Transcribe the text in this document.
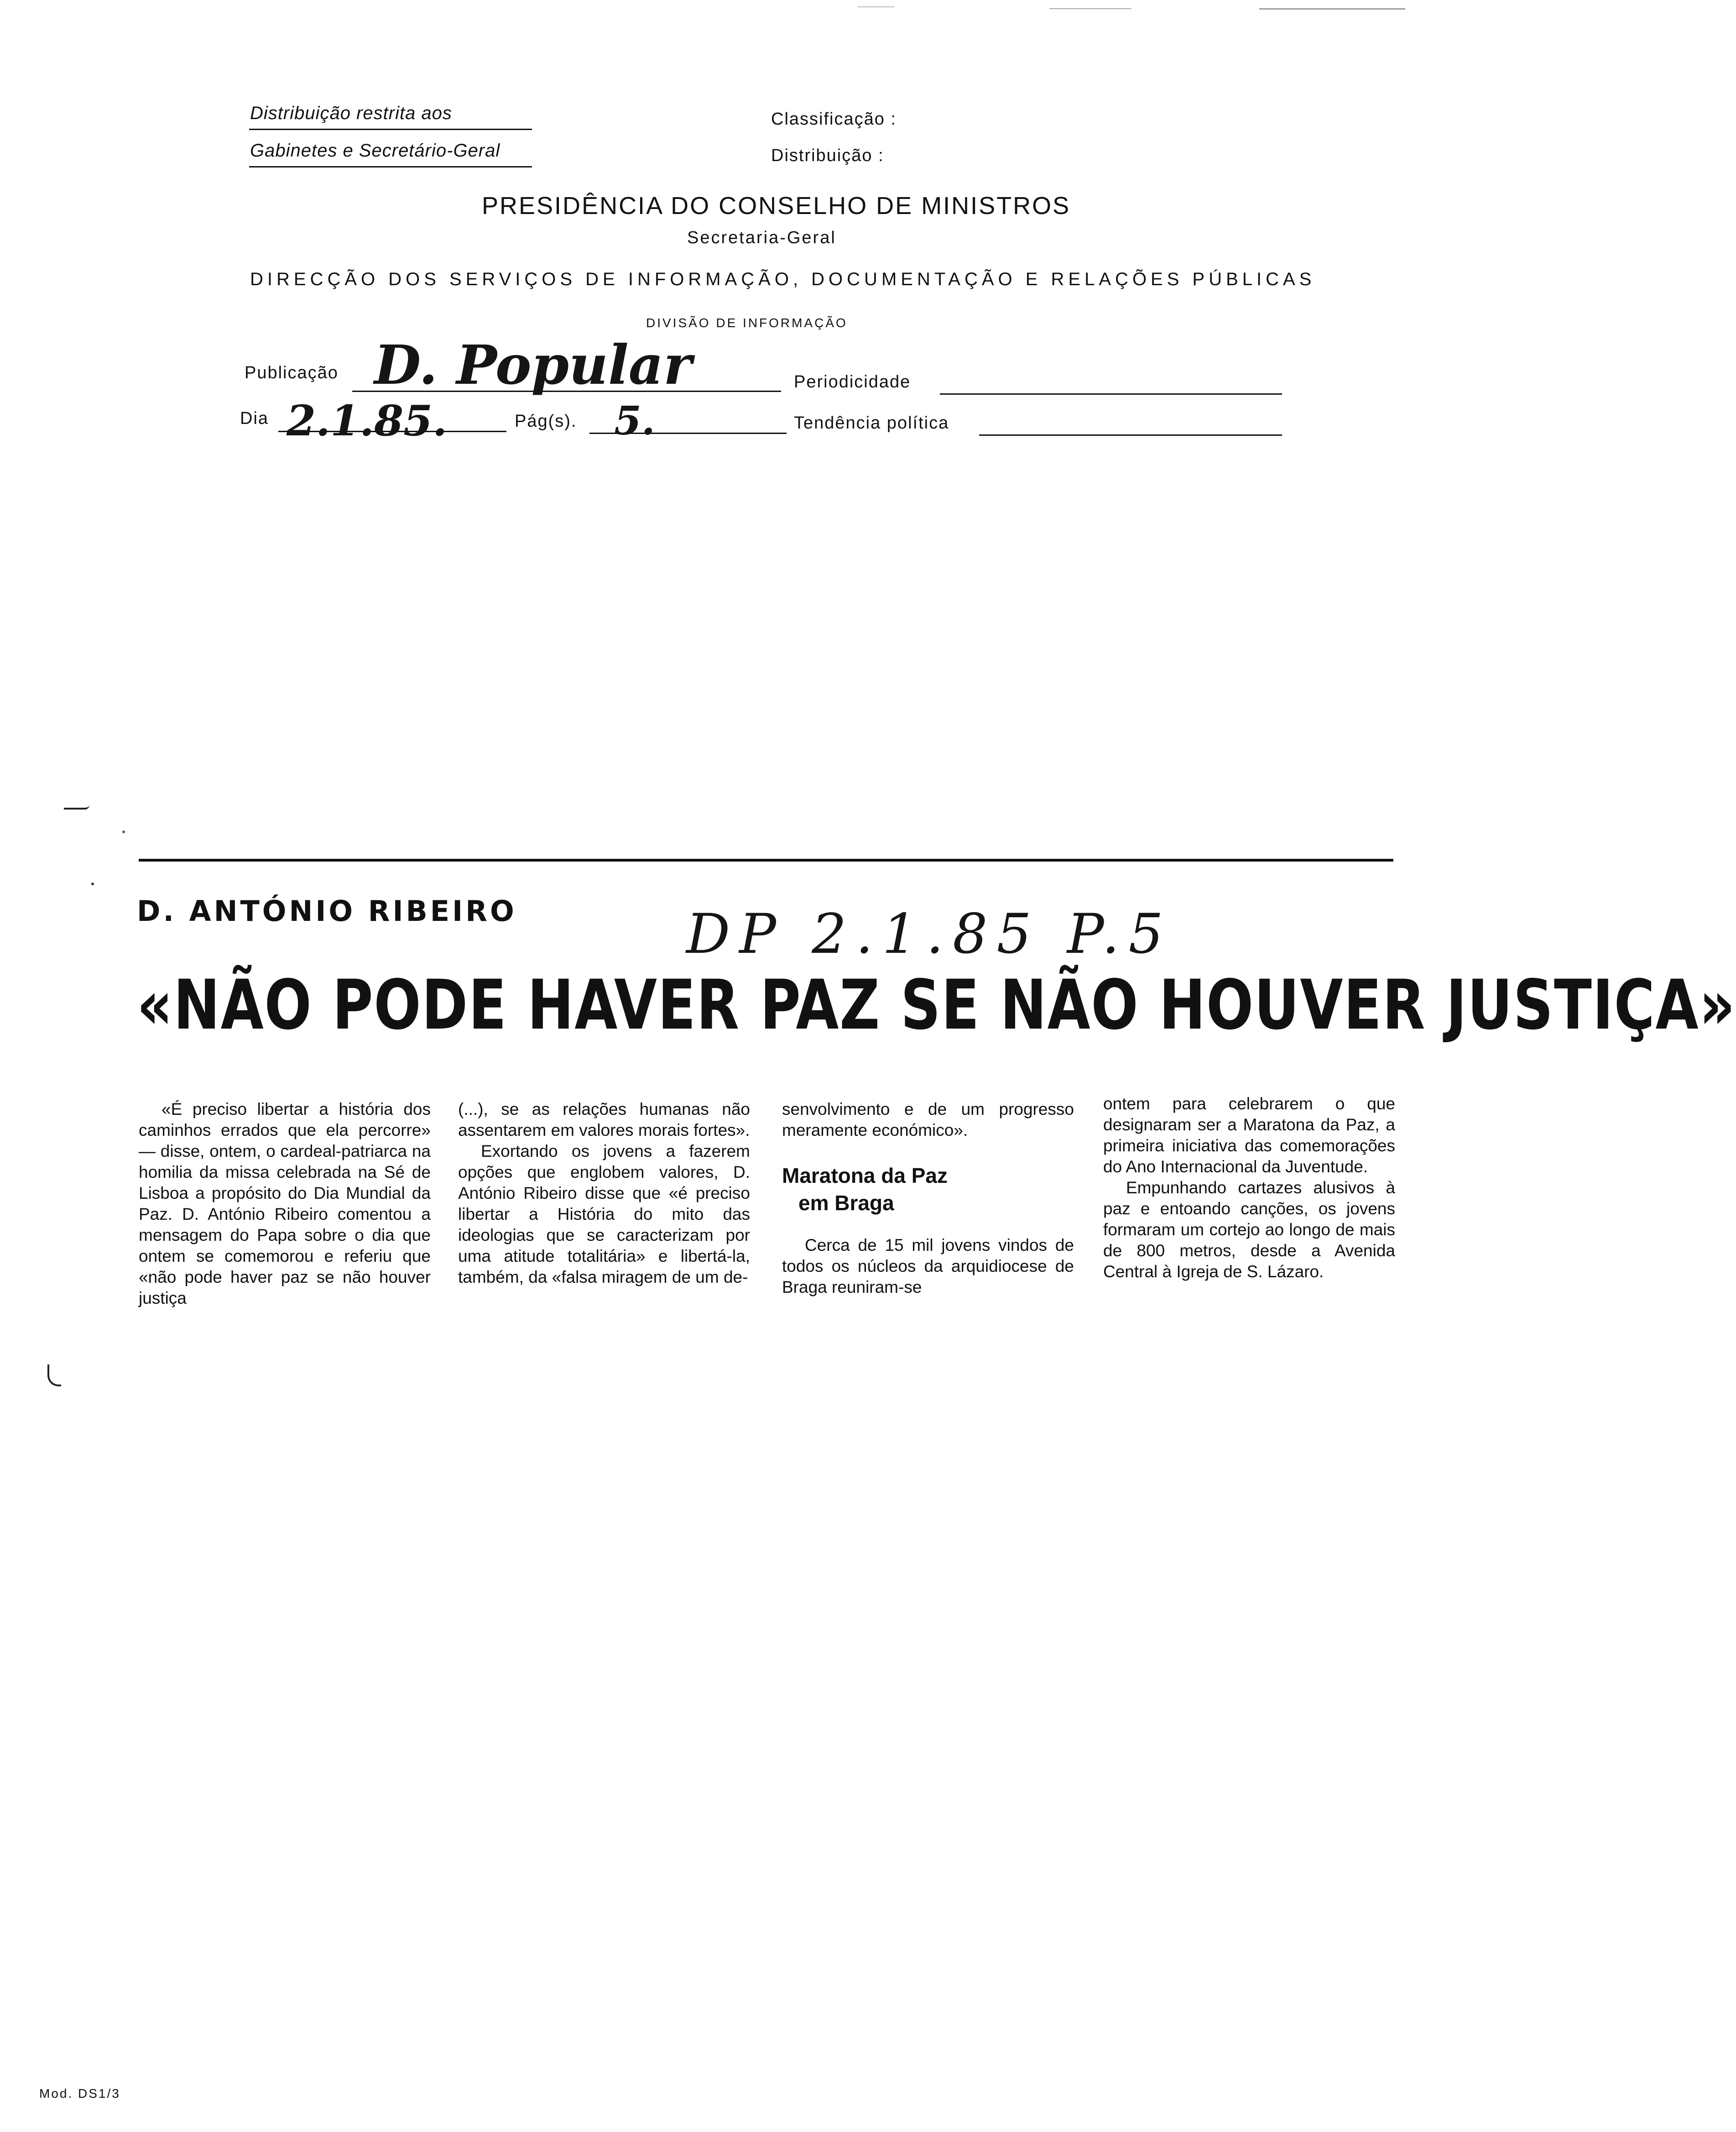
Distribuição restrita aos
Gabinetes e Secretário-Geral
Classificação :
Distribuição :
PRESIDÊNCIA DO CONSELHO DE MINISTROS
Secretaria-Geral
DIRECÇÃO DOS SERVIÇOS DE INFORMAÇÃO, DOCUMENTAÇÃO E RELAÇÕES PÚBLICAS
DIVISÃO DE INFORMAÇÃO
Publicação D. Popular	Periodicidade
Dia 2.1.85.	Pág(s). 5.	Tendência política
D. ANTÓNIO RIBEIRO	DP 2.1.85 P.5
«NÃO PODE HAVER PAZ SE NÃO HOUVER JUSTIÇA»

«É preciso libertar a história dos caminhos errados que ela percorre» — disse, ontem, o cardeal-patriarca na homilia da missa celebrada na Sé de Lisboa a propósito do Dia Mundial da Paz. D. António Ribeiro comentou a mensagem do Papa sobre o dia que ontem se comemorou e referiu que «não pode haver paz se não houver justiça

(...), se as relações humanas não assentarem em valores morais fortes».

Exortando os jovens a fazerem opções que englobem valores, D. António Ribeiro disse que «é preciso libertar a História do mito das ideologias que se caracterizam por uma atitude totalitária» e libertá-la, também, da «falsa miragem de um de-

senvolvimento e de um progresso meramente económico».

Maratona da Paz
em Braga

Cerca de 15 mil jovens vindos de todos os núcleos da arquidiocese de Braga reuniram-se

ontem para celebrarem o que designaram ser a Maratona da Paz, a primeira iniciativa das comemorações do Ano Internacional da Juventude.

Empunhando cartazes alusivos à paz e entoando canções, os jovens formaram um cortejo ao longo de mais de 800 metros, desde a Avenida Central à Igreja de S. Lázaro.

Mod. DS1/3
